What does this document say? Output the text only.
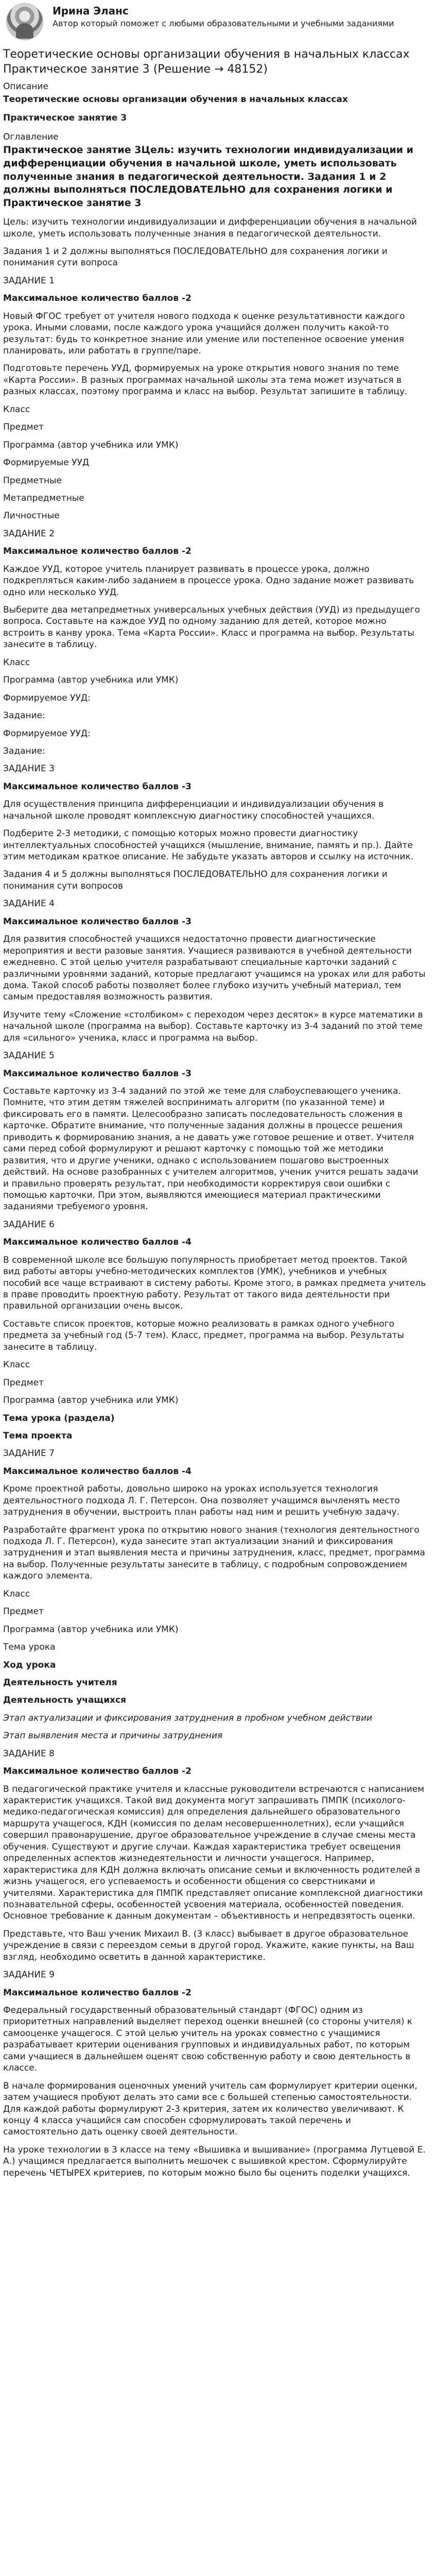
Ирина Эланс
Автор который поможет с любыми образовательными и учебными заданиями
Теоретические основы организации обучения в начальных классах Практическое занятие 3 (Решение → 48152)
Описание
Теоретические основы организации обучения в начальных классах
Практическое занятие 3
Оглавление
Практическое занятие 3Цель: изучить технологии индивидуализации и дифференциации обучения в начальной школе, уметь использовать полученные знания в педагогической деятельности. Задания 1 и 2 должны выполняться ПОСЛЕДОВАТЕЛЬНО для сохранения логики и Практическое занятие 3

Цель: изучить технологии индивидуализации и дифференциации обучения в начальной школе, уметь использовать полученные знания в педагогической деятельности.

Задания 1 и 2 должны выполняться ПОСЛЕДОВАТЕЛЬНО для сохранения логики и понимания сути вопроса

ЗАДАНИЕ 1
Максимальное количество баллов -2

Новый ФГОС требует от учителя нового подхода к оценке результативности каждого урока. Иными словами, после каждого урока учащийся должен получить какой-то результат: будь то конкретное знание или умение или постепенное освоение умения планировать, или работать в группе/паре.

Подготовьте перечень УУД, формируемых на уроке открытия нового знания по теме «Карта России». В разных программах начальной школы эта тема может изучаться в разных классах, поэтому программа и класс на выбор. Результат запишите в таблицу.

Класс
Предмет
Программа (автор учебника или УМК)
Формируемые УУД
Предметные
Метапредметные
Личностные
ЗАДАНИЕ 2
Максимальное количество баллов -2

Каждое УУД, которое учитель планирует развивать в процессе урока, должно подкрепляться каким-либо заданием в процессе урока. Одно задание может развивать одно или несколько УУД.

Выберите два метапредметных универсальных учебных действия (УУД) из предыдущего вопроса. Составьте на каждое УУД по одному заданию для детей, которое можно встроить в канву урока. Тема «Карта России». Класс и программа на выбор. Результаты занесите в таблицу.

Класс
Программа (автор учебника или УМК)
Формируемое УУД:
Задание:
Формируемое УУД:
Задание:
ЗАДАНИЕ 3
Максимальное количество баллов -3

Для осуществления принципа дифференциации и индивидуализации обучения в начальной школе проводят комплексную диагностику способностей учащихся.

Подберите 2-3 методики, с помощью которых можно провести диагностику интеллектуальных способностей учащихся (мышление, внимание, память и пр.). Дайте этим методикам краткое описание. Не забудьте указать авторов и ссылку на источник.

Задания 4 и 5 должны выполняться ПОСЛЕДОВАТЕЛЬНО для сохранения логики и понимания сути вопросов

ЗАДАНИЕ 4
Максимальное количество баллов -3

Для развития способностей учащихся недостаточно провести диагностические мероприятия и вести разовые занятия. Учащиеся развиваются в учебной деятельности ежедневно. С этой целью учителя разрабатывают специальные карточки заданий с различными уровнями заданий, которые предлагают учащимся на уроках или для работы дома. Такой способ работы позволяет более глубоко изучить учебный материал, тем самым предоставляя возможность развития.

Изучите тему «Сложение «столбиком» с переходом через десяток» в курсе математики в начальной школе (программа на выбор). Составьте карточку из 3-4 заданий по этой теме для «сильного» ученика, класс и программа на выбор.

ЗАДАНИЕ 5
Максимальное количество баллов -3

Составьте карточку из 3-4 заданий по этой же теме для слабоуспевающего ученика. Помните, что этим детям тяжелей воспринимать алгоритм (по указанной теме) и фиксировать его в памяти. Целесообразно записать последовательность сложения в карточке. Обратите внимание, что полученные задания должны в процессе решения приводить к формированию знания, а не давать уже готовое решение и ответ. Учителя сами перед собой формулируют и решают карточку с помощью той же методики развития, что и другие ученики, однако с использованием пошагово выстроенных действий. На основе разобранных с учителем алгоритмов, ученик учится решать задачи и правильно проверять результат, при необходимости корректируя свои ошибки с помощью карточки. При этом, выявляются имеющиеся материал практическими заданиями требуемого уровня.

ЗАДАНИЕ 6
Максимальное количество баллов -4

В современной школе все большую популярность приобретает метод проектов. Такой вид работы авторы учебно-методических комплектов (УМК), учебников и учебных пособий все чаще встраивают в систему работы. Кроме этого, в рамках предмета учитель в праве проводить проектную работу. Результат от такого вида деятельности при правильной организации очень высок.

Составьте список проектов, которые можно реализовать в рамках одного учебного предмета за учебный год (5-7 тем). Класс, предмет, программа на выбор. Результаты занесите в таблицу.

Класс
Предмет
Программа (автор учебника или УМК)
Тема урока (раздела)
Тема проекта
ЗАДАНИЕ 7
Максимальное количество баллов -4

Кроме проектной работы, довольно широко на уроках используется технология деятельностного подхода Л. Г. Петерсон. Она позволяет учащимся вычленять место затруднения в обучении, выстроить план работы над ним и решить учебную задачу.

Разработайте фрагмент урока по открытию нового знания (технология деятельностного подхода Л. Г. Петерсон), куда занесите этап актуализации знаний и фиксирования затруднения и этап выявления места и причины затруднения, класс, предмет, программа на выбор. Полученные результаты занесите в таблицу, с подробным сопровождением каждого элемента.

Класс
Предмет
Программа (автор учебника или УМК)
Тема урока
Ход урока
Деятельность учителя
Деятельность учащихся
Этап актуализации и фиксирования затруднения в пробном учебном действии
Этап выявления места и причины затруднения
ЗАДАНИЕ 8
Максимальное количество баллов -2

В педагогической практике учителя и классные руководители встречаются с написанием характеристик учащихся. Такой вид документа могут запрашивать ПМПК (психолого-медико-педагогическая комиссия) для определения дальнейшего образовательного маршрута учащегося, КДН (комиссия по делам несовершеннолетних), если учащийся совершил правонарушение, другое образовательное учреждение в случае смены места обучения. Существуют и другие случаи. Каждая характеристика требует освещения определенных аспектов жизнедеятельности и личности учащегося. Например, характеристика для КДН должна включать описание семьи и включенность родителей в жизнь учащегося, его успеваемость и особенности общения со сверстниками и учителями. Характеристика для ПМПК представляет описание комплексной диагностики познавательной сферы, особенностей усвоения материала, особенностей поведения. Основное требование к данным документам – объективность и непредвзятость оценки.

Представьте, что Ваш ученик Михаил В. (3 класс) выбывает в другое образовательное учреждение в связи с переездом семьи в другой город. Укажите, какие пункты, на Ваш взгляд, необходимо осветить в данной характеристике.

ЗАДАНИЕ 9
Максимальное количество баллов -2

Федеральный государственный образовательный стандарт (ФГОС) одним из приоритетных направлений выделяет переход оценки внешней (со стороны учителя) к самооценке учащегося. С этой целью учитель на уроках совместно с учащимися разрабатывает критерии оценивания групповых и индивидуальных работ, по которым сами учащиеся в дальнейшем оценят свою собственную работу и свою деятельность в классе.

В начале формирования оценочных умений учитель сам формулирует критерии оценки, затем учащиеся пробуют делать это сами все с большей степенью самостоятельности. Для каждой работы формулируют 2-3 критерия, затем их количество увеличивают. К концу 4 класса учащийся сам способен сформулировать такой перечень и самостоятельно дать оценку своей деятельности.

На уроке технологии в 3 классе на тему «Вышивка и вышивание» (программа Лутцевой Е. А.) учащимся предлагается выполнить мешочек с вышивкой крестом. Сформулируйте перечень ЧЕТЫРЕХ критериев, по которым можно было бы оценить поделки учащихся.
